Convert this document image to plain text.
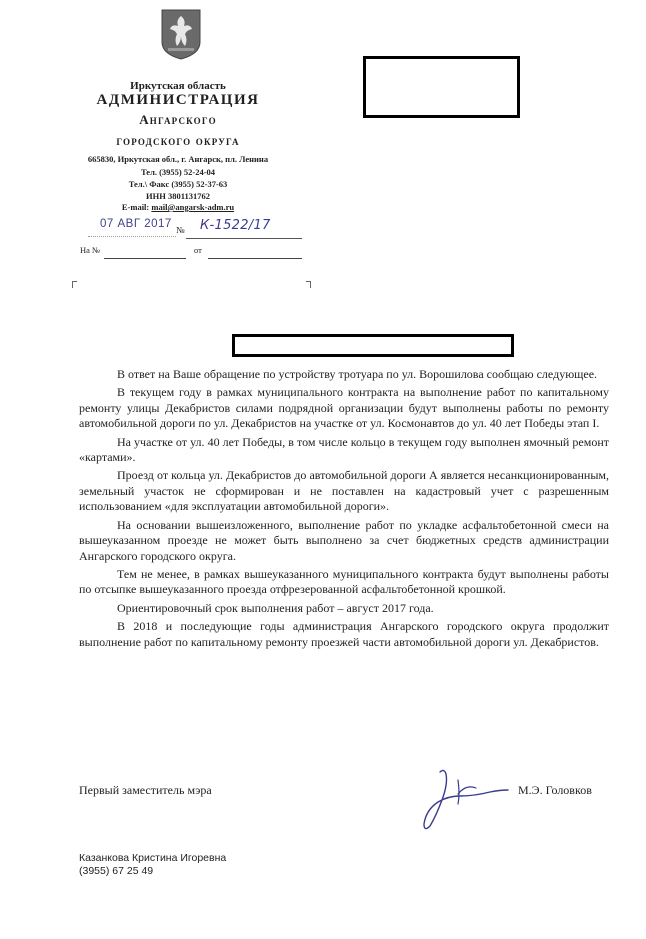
Иркутская область
АДМИНИСТРАЦИЯ
Ангарского
городского округа
665830, Иркутская обл., г. Ангарск, пл. Ленина
Тел. (3955) 52-24-04
Тел.\ Факс (3955) 52-37-63
ИНН 3801131762
E-mail: mail@angarsk-adm.ru
07 АВГ 2017 № К-1522/17
На №	от

В ответ на Ваше обращение по устройству тротуара по ул. Ворошилова сообщаю следующее.

В текущем году в рамках муниципального контракта на выполнение работ по капитальному ремонту улицы Декабристов силами подрядной организации будут выполнены работы по ремонту автомобильной дороги по ул. Декабристов на участке от ул. Космонавтов до ул. 40 лет Победы этап I.

На участке от ул. 40 лет Победы, в том числе кольцо в текущем году выполнен ямочный ремонт «картами».

Проезд от кольца ул. Декабристов до автомобильной дороги А является несанкционированным, земельный участок не сформирован и не поставлен на кадастровый учет с разрешенным использованием «для эксплуатации автомобильной дороги».

На основании вышеизложенного, выполнение работ по укладке асфальтобетонной смеси на вышеуказанном проезде не может быть выполнено за счет бюджетных средств администрации Ангарского городского округа.

Тем не менее, в рамках вышеуказанного муниципального контракта будут выполнены работы по отсыпке вышеуказанного проезда отфрезерованной асфальтобетонной крошкой.

Ориентировочный срок выполнения работ – август 2017 года.

В 2018 и последующие годы администрация Ангарского городского округа продолжит выполнение работ по капитальному ремонту проезжей части автомобильной дороги ул. Декабристов.

Первый заместитель мэра	М.Э. Головков
Казанкова Кристина Игоревна
(3955) 67 25 49
